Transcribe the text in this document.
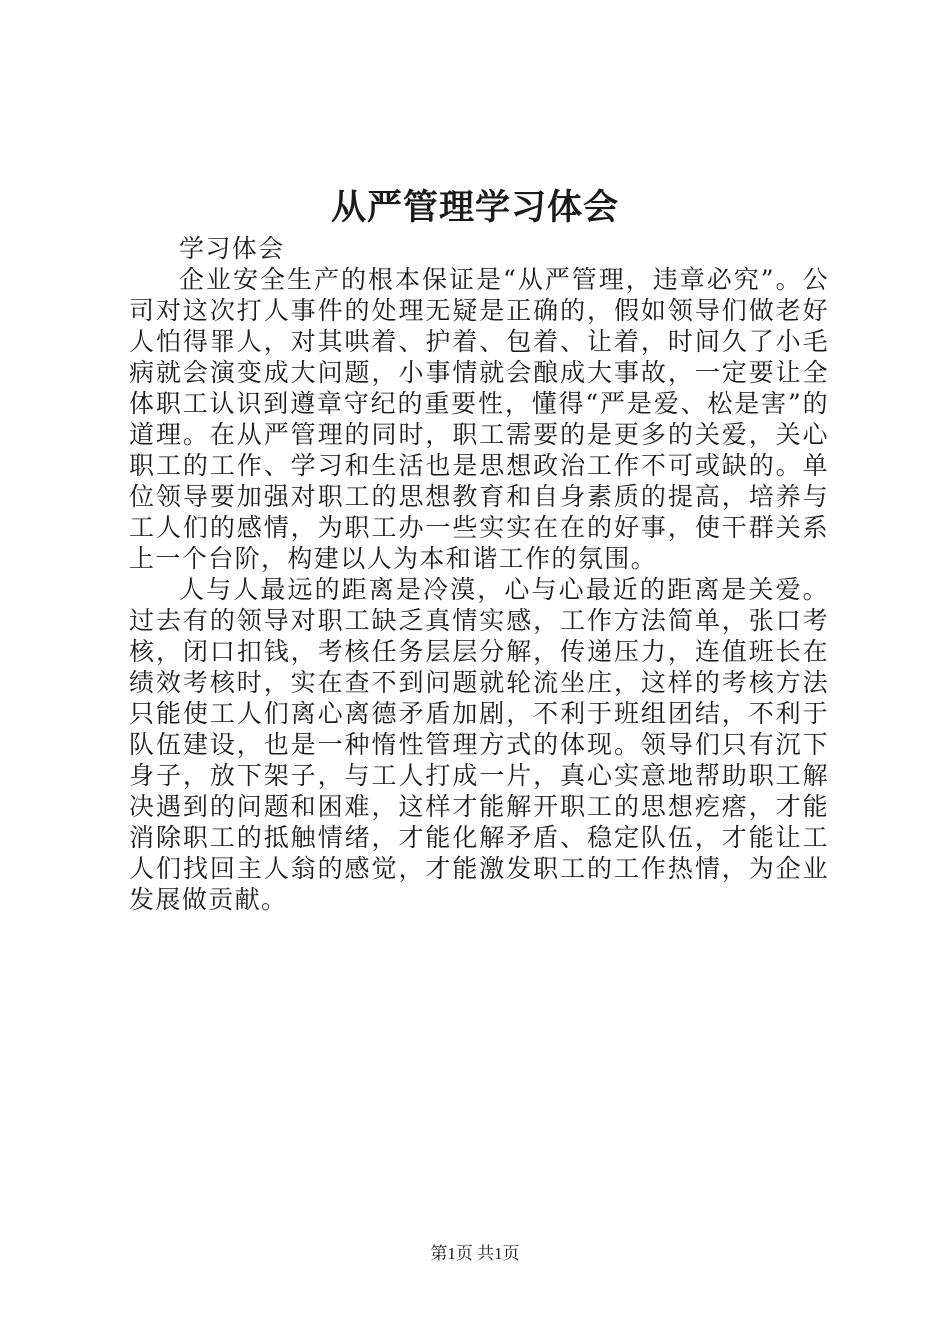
从严管理学习体会

学习体会

企业安全生产的根本保证是“从严管理，违章必究”。公司对这次打人事件的处理无疑是正确的，假如领导们做老好人怕得罪人，对其哄着、护着、包着、让着，时间久了小毛病就会演变成大问题，小事情就会酿成大事故，一定要让全体职工认识到遵章守纪的重要性，懂得“严是爱、松是害”的道理。在从严管理的同时，职工需要的是更多的关爱，关心职工的工作、学习和生活也是思想政治工作不可或缺的。单位领导要加强对职工的思想教育和自身素质的提高，培养与工人们的感情，为职工办一些实实在在的好事，使干群关系上一个台阶，构建以人为本和谐工作的氛围。

人与人最远的距离是冷漠，心与心最近的距离是关爱。过去有的领导对职工缺乏真情实感，工作方法简单，张口考核，闭口扣钱，考核任务层层分解，传递压力，连值班长在绩效考核时，实在查不到问题就轮流坐庄，这样的考核方法只能使工人们离心离德矛盾加剧，不利于班组团结，不利于队伍建设，也是一种惰性管理方式的体现。领导们只有沉下身子，放下架子，与工人打成一片，真心实意地帮助职工解决遇到的问题和困难，这样才能解开职工的思想疙瘩，才能消除职工的抵触情绪，才能化解矛盾、稳定队伍，才能让工人们找回主人翁的感觉，才能激发职工的工作热情，为企业发展做贡献。

第1页 共1页
